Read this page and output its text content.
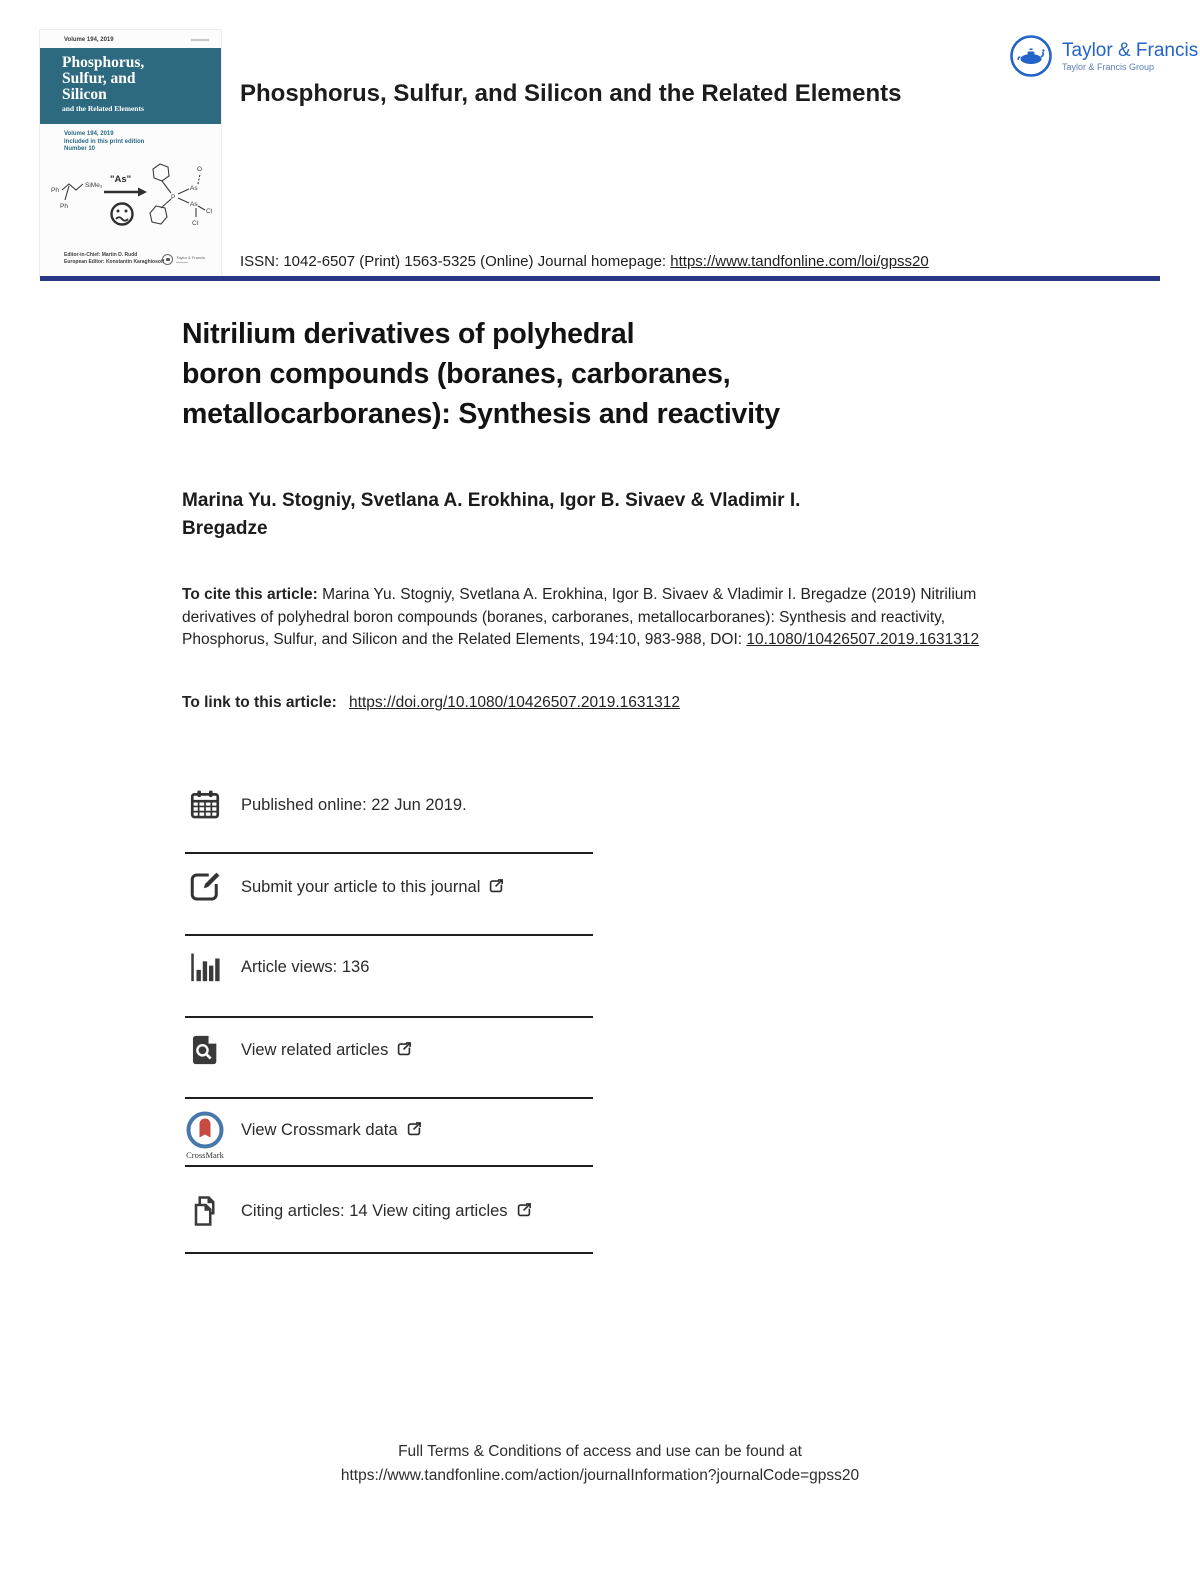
Volume 194, 2019
Phosphorus,
Sulfur, and
Silicon
and the Related Elements
Volume 194, 2019
Included in this print edition
Number 10
Ph
Ph
SiMe₃
"As"
P
As
As
O
Cl
Cl
Editor-in-Chief: Martin D. Rudd
European Editor: Konstantin Karaghiosoff
Taylor & Francis
Taylor & Francis
Taylor & Francis Group
Phosphorus, Sulfur, and Silicon and the Related Elements
ISSN: 1042-6507 (Print) 1563-5325 (Online) Journal homepage: https://www.tandfonline.com/loi/gpss20
Nitrilium derivatives of polyhedral
boron compounds (boranes, carboranes,
metallocarboranes): Synthesis and reactivity
Marina Yu. Stogniy, Svetlana A. Erokhina, Igor B. Sivaev & Vladimir I.
Bregadze
To cite this article: Marina Yu. Stogniy, Svetlana A. Erokhina, Igor B. Sivaev & Vladimir I. Bregadze (2019) Nitrilium derivatives of polyhedral boron compounds (boranes, carboranes, metallocarboranes): Synthesis and reactivity, Phosphorus, Sulfur, and Silicon and the Related Elements, 194:10, 983-988, DOI: 10.1080/10426507.2019.1631312
To link to this article: https://doi.org/10.1080/10426507.2019.1631312
Published online: 22 Jun 2019.
Submit your article to this journal
Article views: 136
View related articles
CrossMark
View Crossmark data
Citing articles: 14 View citing articles
Full Terms & Conditions of access and use can be found at
https://www.tandfonline.com/action/journalInformation?journalCode=gpss20
